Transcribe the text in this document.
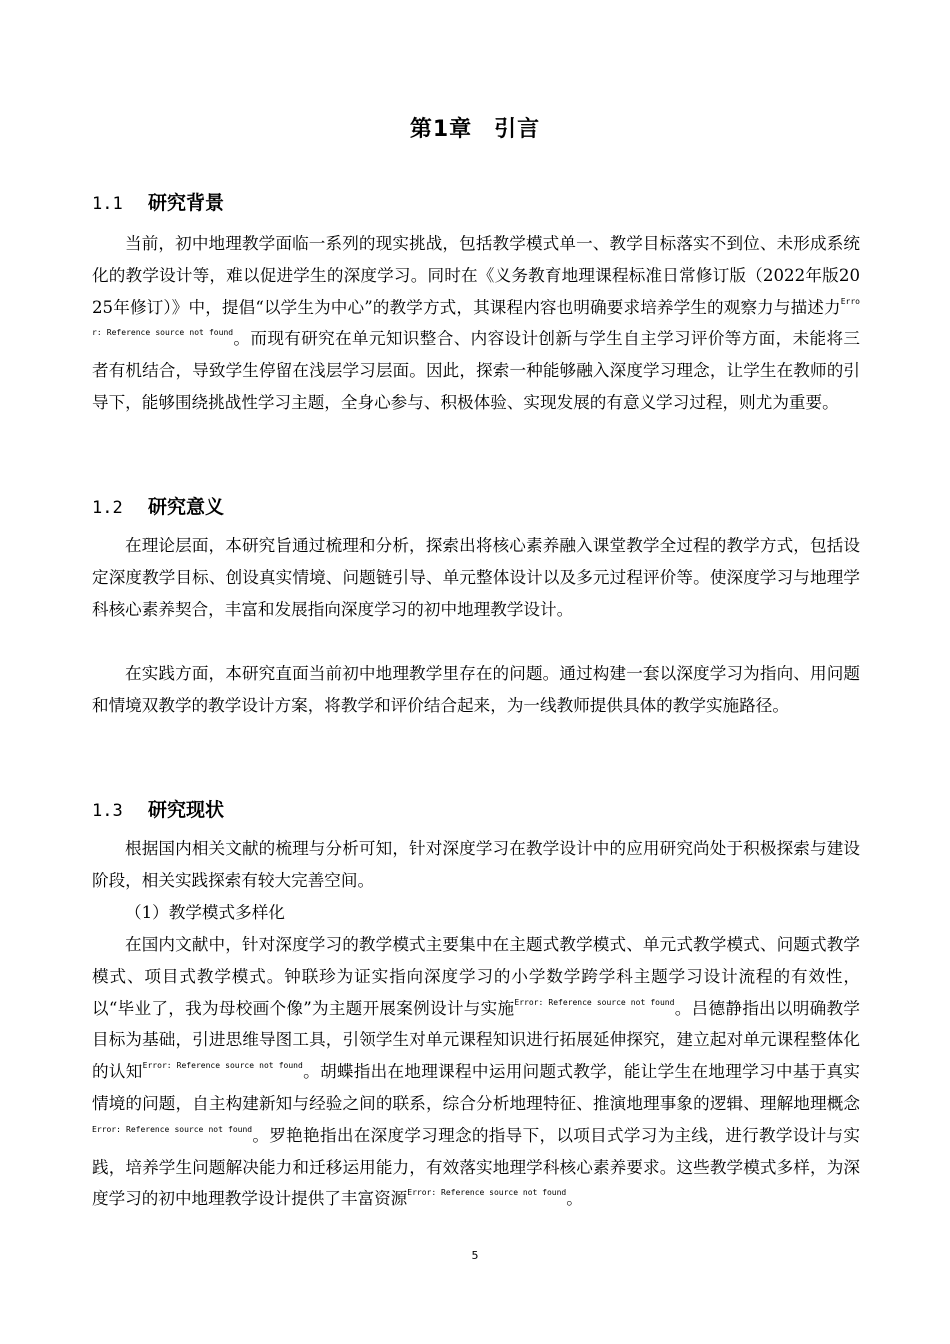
第1章 引言
1.1 研究背景

当前，初中地理教学面临一系列的现实挑战，包括教学模式单一、教学目标落实不到位、未形成系统化的教学设计等，难以促进学生的深度学习。同时在《义务教育地理课程标准日常修订版（2022年版2025年修订）》中，提倡“以学生为中心”的教学方式，其课程内容也明确要求培养学生的观察力与描述力$^{Error: Reference source not found}$。而现有研究在单元知识整合、内容设计创新与学生自主学习评价等方面，未能将三者有机结合，导致学生停留在浅层学习层面。因此，探索一种能够融入深度学习理念，让学生在教师的引导下，能够围绕挑战性学习主题，全身心参与、积极体验、实现发展的有意义学习过程，则尤为重要。

1.2 研究意义

在理论层面，本研究旨通过梳理和分析，探索出将核心素养融入课堂教学全过程的教学方式，包括设定深度教学目标、创设真实情境、问题链引导、单元整体设计以及多元过程评价等。使深度学习与地理学科核心素养契合，丰富和发展指向深度学习的初中地理教学设计。

在实践方面，本研究直面当前初中地理教学里存在的问题。通过构建一套以深度学习为指向、用问题和情境双教学的教学设计方案，将教学和评价结合起来，为一线教师提供具体的教学实施路径。

1.3 研究现状

根据国内相关文献的梳理与分析可知，针对深度学习在教学设计中的应用研究尚处于积极探索与建设阶段，相关实践探索有较大完善空间。

（1）教学模式多样化

在国内文献中，针对深度学习的教学模式主要集中在主题式教学模式、单元式教学模式、问题式教学模式、项目式教学模式。钟联珍为证实指向深度学习的小学数学跨学科主题学习设计流程的有效性，以“毕业了，我为母校画个像”为主题开展案例设计与实施$^{Error: Reference source not found}$。吕德静指出以明确教学目标为基础，引进思维导图工具，引领学生对单元课程知识进行拓展延伸探究，建立起对单元课程整体化的认知$^{Error: Reference source not found}$。胡蝶指出在地理课程中运用问题式教学，能让学生在地理学习中基于真实情境的问题，自主构建新知与经验之间的联系，综合分析地理特征、推演地理事象的逻辑、理解地理概念$^{Error: Reference source not found}$。罗艳艳指出在深度学习理念的指导下，以项目式学习为主线，进行教学设计与实践，培养学生问题解决能力和迁移运用能力，有效落实地理学科核心素养要求。这些教学模式多样，为深度学习的初中地理教学设计提供了丰富资源$^{Error: Reference source not found}$。

5
